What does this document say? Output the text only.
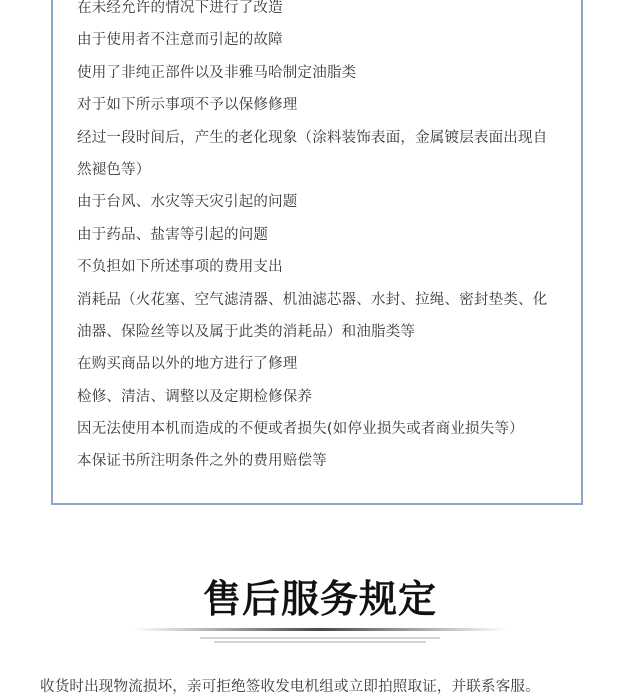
在未经允许的情况下进行了改造
由于使用者不注意而引起的故障
使用了非纯正部件以及非雅马哈制定油脂类
对于如下所示事项不予以保修修理
经过一段时间后，产生的老化现象（涂料装饰表面，金属镀层表面出现自
然褪色等）
由于台风、水灾等天灾引起的问题
由于药品、盐害等引起的问题
不负担如下所述事项的费用支出
消耗品（火花塞、空气滤清器、机油滤芯器、水封、拉绳、密封垫类、化
油器、保险丝等以及属于此类的消耗品）和油脂类等
在购买商品以外的地方进行了修理
检修、清洁、调整以及定期检修保养
因无法使用本机而造成的不便或者损失(如停业损失或者商业损失等）
本保证书所注明条件之外的费用赔偿等
售后服务规定
收货时出现物流损坏，亲可拒绝签收发电机组或立即拍照取证，并联系客服。
